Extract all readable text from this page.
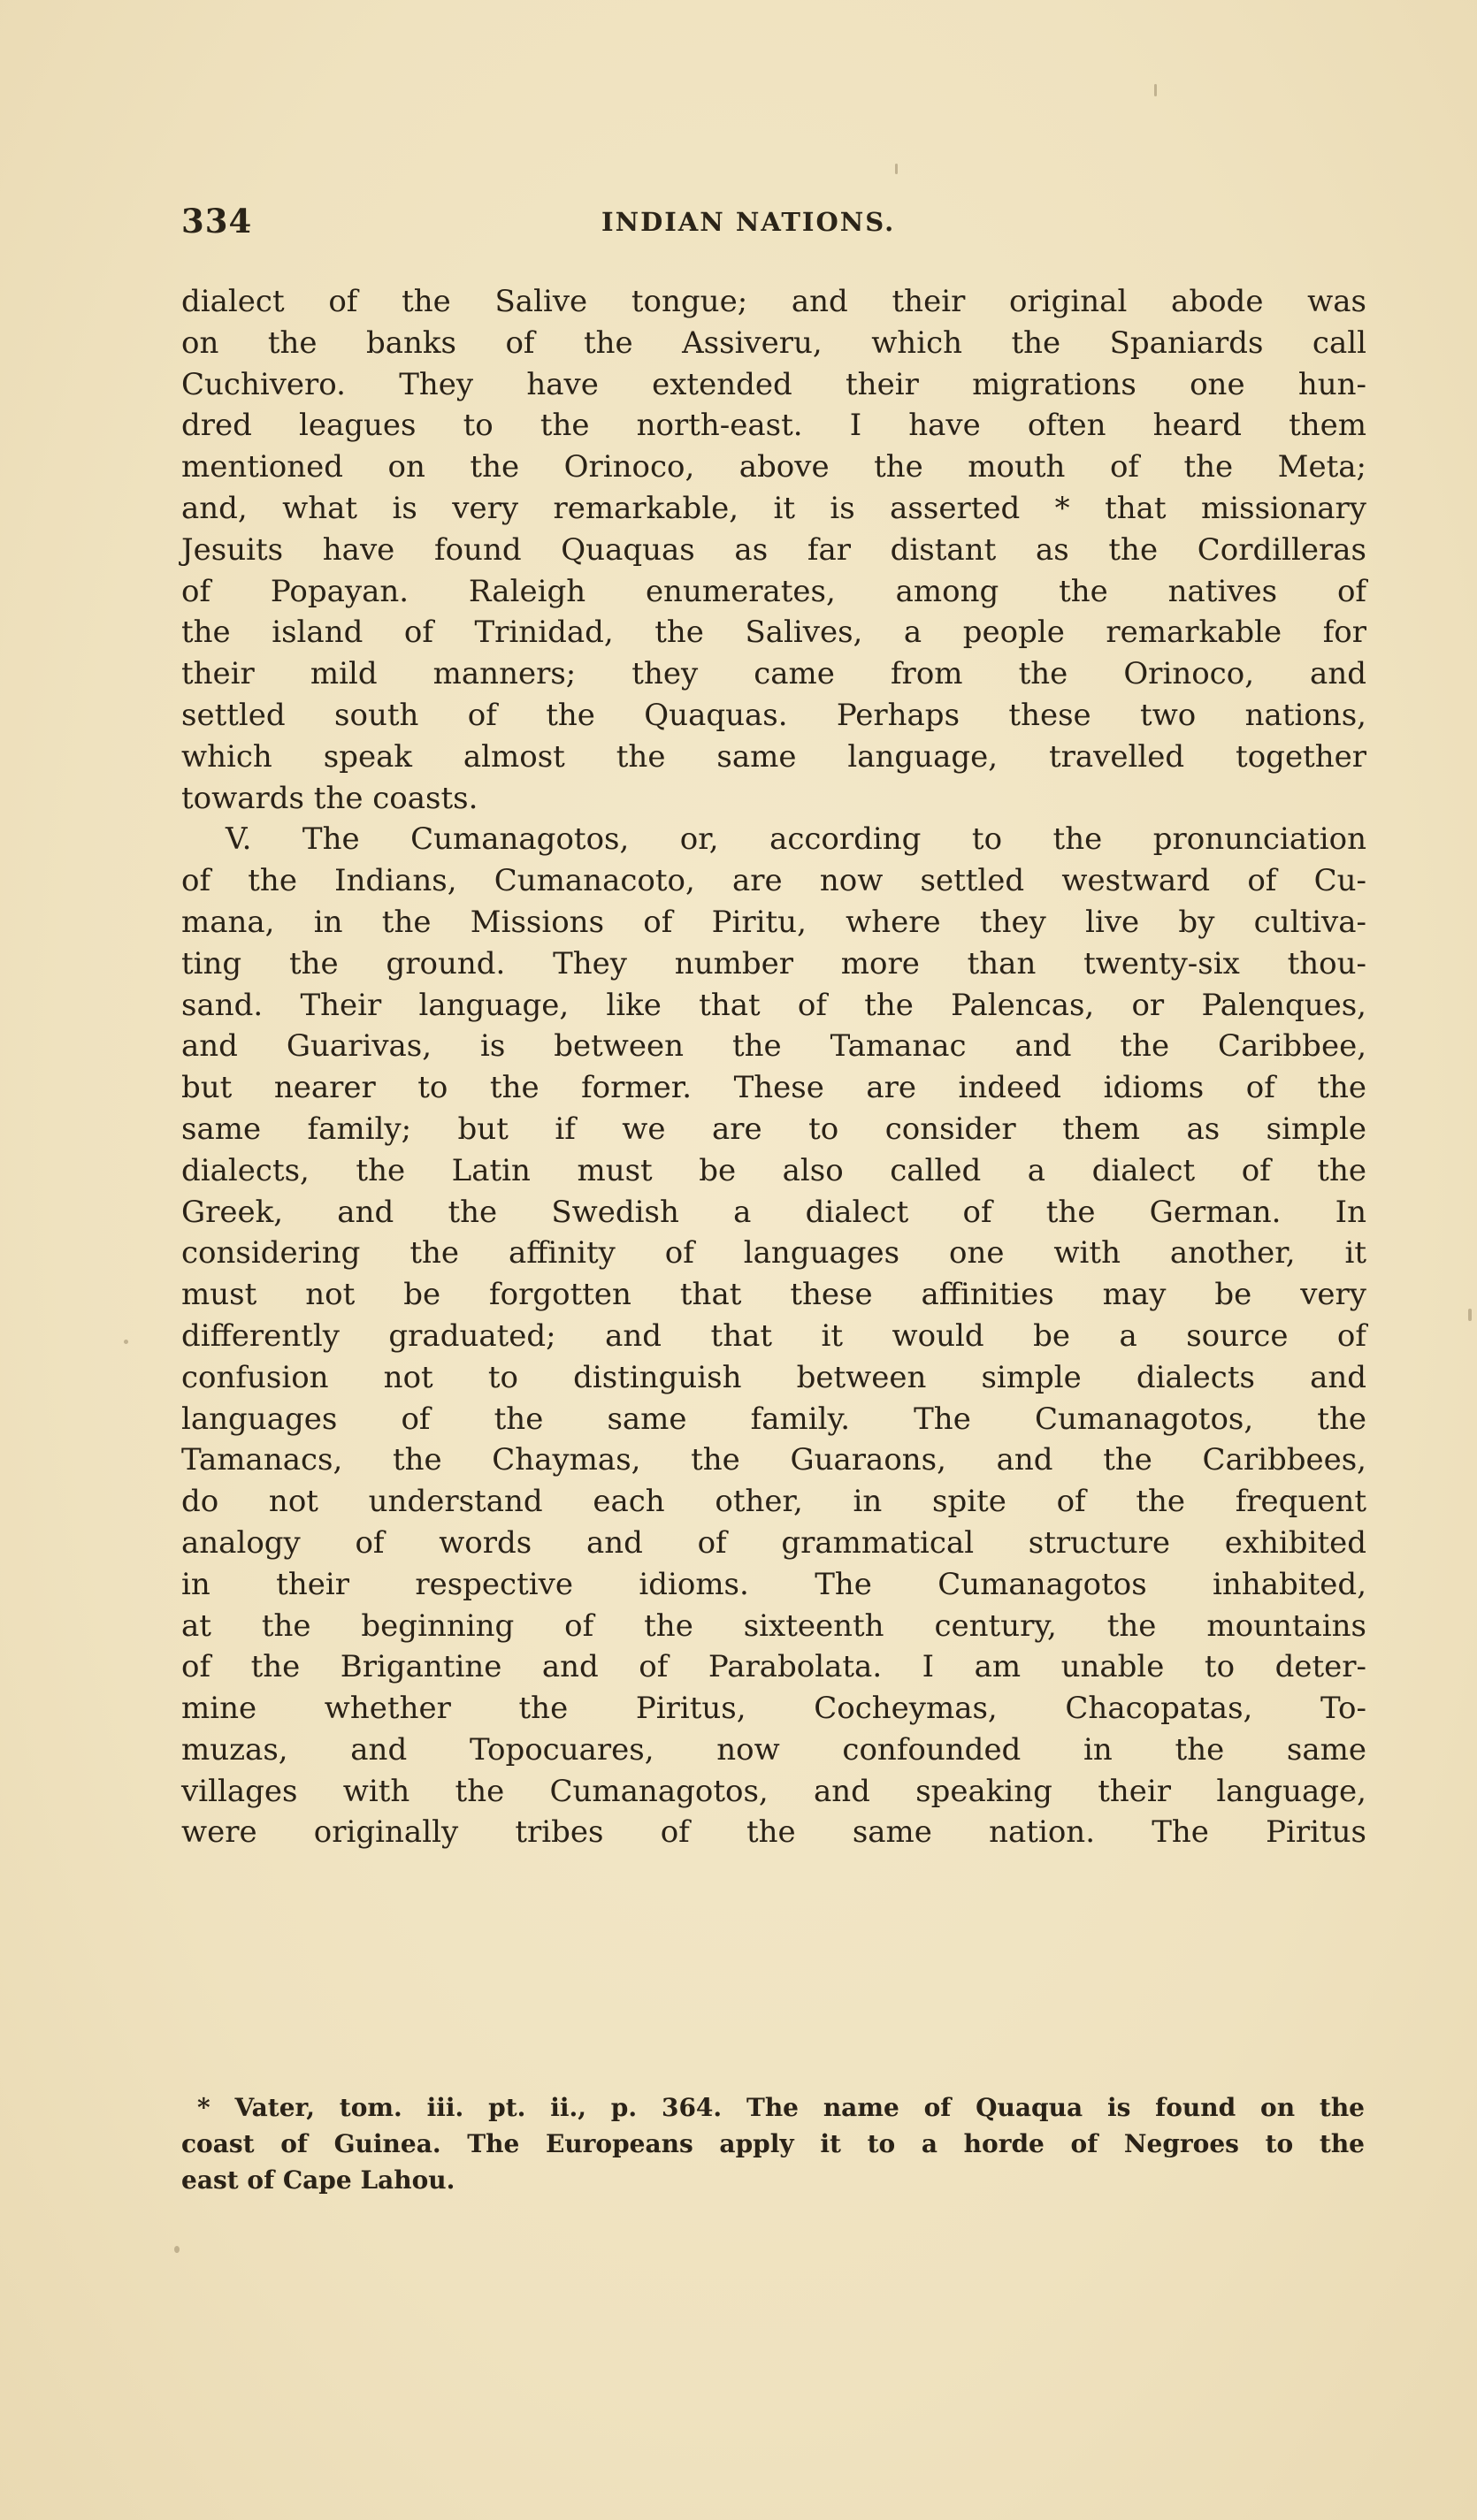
334	INDIAN NATIONS.
dialect of the Salive tongue; and their original abode was
on the banks of the Assiveru, which the Spaniards call
Cuchivero. They have extended their migrations one hun-
dred leagues to the north-east. I have often heard them
mentioned on the Orinoco, above the mouth of the Meta;
and, what is very remarkable, it is asserted * that missionary
Jesuits have found Quaquas as far distant as the Cordilleras
of Popayan. Raleigh enumerates, among the natives of
the island of Trinidad, the Salives, a people remarkable for
their mild manners; they came from the Orinoco, and
settled south of the Quaquas. Perhaps these two nations,
which speak almost the same language, travelled together
towards the coasts.
V. The Cumanagotos, or, according to the pronunciation
of the Indians, Cumanacoto, are now settled westward of Cu-
mana, in the Missions of Piritu, where they live by cultiva-
ting the ground. They number more than twenty-six thou-
sand. Their language, like that of the Palencas, or Palenques,
and Guarivas, is between the Tamanac and the Caribbee,
but nearer to the former. These are indeed idioms of the
same family; but if we are to consider them as simple
dialects, the Latin must be also called a dialect of the
Greek, and the Swedish a dialect of the German. In
considering the affinity of languages one with another, it
must not be forgotten that these affinities may be very
differently graduated; and that it would be a source of
confusion not to distinguish between simple dialects and
languages of the same family. The Cumanagotos, the
Tamanacs, the Chaymas, the Guaraons, and the Caribbees,
do not understand each other, in spite of the frequent
analogy of words and of grammatical structure exhibited
in their respective idioms. The Cumanagotos inhabited,
at the beginning of the sixteenth century, the mountains
of the Brigantine and of Parabolata. I am unable to deter-
mine whether the Piritus, Cocheymas, Chacopatas, To-
muzas, and Topocuares, now confounded in the same
villages with the Cumanagotos, and speaking their language,
were originally tribes of the same nation. The Piritus
* Vater, tom. iii. pt. ii., p. 364. The name of Quaqua is found on the
coast of Guinea. The Europeans apply it to a horde of Negroes to the
east of Cape Lahou.
